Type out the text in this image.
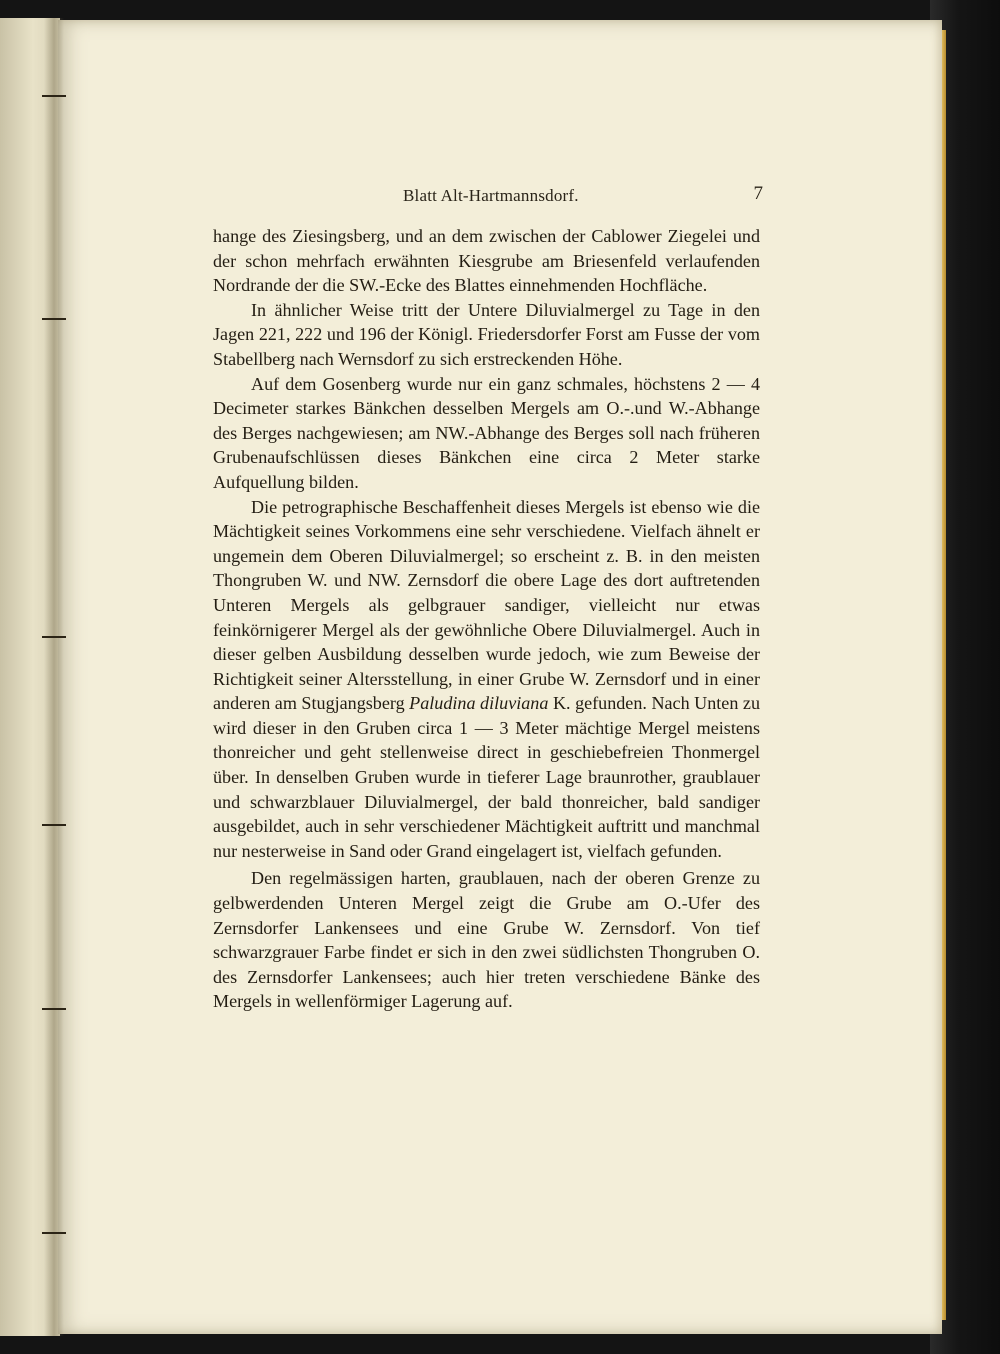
Blatt Alt-Hartmannsdorf.	7

hange des Ziesingsberg, und an dem zwischen der Cablower Ziegelei und der schon mehrfach erwähnten Kiesgrube am Briesenfeld verlaufenden Nordrande der die SW.-Ecke des Blattes einnehmenden Hochfläche.

In ähnlicher Weise tritt der Untere Diluvialmergel zu Tage in den Jagen 221, 222 und 196 der Königl. Friedersdorfer Forst am Fusse der vom Stabellberg nach Wernsdorf zu sich erstreckenden Höhe.

Auf dem Gosenberg wurde nur ein ganz schmales, höchstens 2 — 4 Decimeter starkes Bänkchen desselben Mergels am O.-.und W.-Abhange des Berges nachgewiesen; am NW.-Abhange des Berges soll nach früheren Grubenaufschlüssen dieses Bänkchen eine circa 2 Meter starke Aufquellung bilden.

Die petrographische Beschaffenheit dieses Mergels ist ebenso wie die Mächtigkeit seines Vorkommens eine sehr verschiedene. Vielfach ähnelt er ungemein dem Oberen Diluvialmergel; so erscheint z. B. in den meisten Thongruben W. und NW. Zernsdorf die obere Lage des dort auftretenden Unteren Mergels als gelbgrauer sandiger, vielleicht nur etwas feinkörnigerer Mergel als der gewöhnliche Obere Diluvialmergel. Auch in dieser gelben Ausbildung desselben wurde jedoch, wie zum Beweise der Richtigkeit seiner Altersstellung, in einer Grube W. Zernsdorf und in einer anderen am Stugjangsberg Paludina diluviana K. gefunden. Nach Unten zu wird dieser in den Gruben circa 1 — 3 Meter mächtige Mergel meistens thonreicher und geht stellenweise direct in geschiebefreien Thonmergel über. In denselben Gruben wurde in tieferer Lage braunrother, graublauer und schwarzblauer Diluvialmergel, der bald thonreicher, bald sandiger ausgebildet, auch in sehr verschiedener Mächtigkeit auftritt und manchmal nur nesterweise in Sand oder Grand eingelagert ist, vielfach gefunden.

Den regelmässigen harten, graublauen, nach der oberen Grenze zu gelbwerdenden Unteren Mergel zeigt die Grube am O.-Ufer des Zernsdorfer Lankensees und eine Grube W. Zernsdorf. Von tief schwarzgrauer Farbe findet er sich in den zwei südlichsten Thongruben O. des Zernsdorfer Lankensees; auch hier treten verschiedene Bänke des Mergels in wellenförmiger Lagerung auf.
